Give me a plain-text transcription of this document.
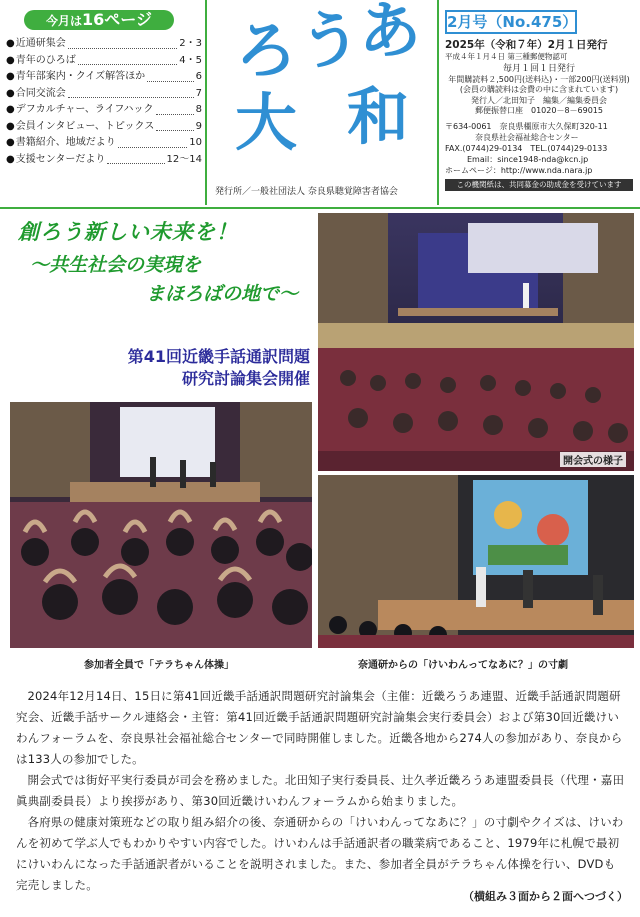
今月は16ページ
● 近通研集会	2・3
● 青年のひろば	4・5
● 青年部案内・クイズ解答ほか	6
● 合同交流会	7
● デフカルチャー、ライフハック	8
● 会員インタビュー、トピックス	9
● 書籍紹介、地域だより	10
● 支援センターだより	12～14
ろ う
あ
大 和
発行所／一般社団法人 奈良県聴覚障害者協会
2月号（No.475）
2025年（令和７年）2月１日発行
平成４年１月４日 第三種郵便物認可
毎月１回１日発行
年間購読料２,500円(送料込)・一部200円(送料別)
(会員の購読料は会費の中に含まれています)
発行人／北田知子　編集／編集委員会
郵便振替口座　01020－8－69015
〒634-0061　奈良県橿原市大久保町320-11
奈良県社会福祉総合センター
FAX.(0744)29-0134　TEL.(0744)29-0133
Email：since1948-nda@kcn.jp
ホームページ：http://www.nda.nara.jp
この機関紙は、共同募金の助成金を受けています
創ろう新しい未来を！
～共生社会の実現を
まほろばの地で～
第41回近畿手話通訳問題
研究討論集会開催
開会式の様子
参加者全員で「テラちゃん体操」	奈通研からの「けいわんってなあに？」の寸劇

2024年12月14日、15日に第41回近畿手話通訳問題研究討論集会（主催：近畿ろうあ連盟、近畿手話通訳問題研究会、近畿手話サークル連絡会・主管：第41回近畿手話通訳問題研究討論集会実行委員会）および第30回近畿けいわんフォーラムを、奈良県社会福祉総合センターで同時開催しました。近畿各地から274人の参加があり、奈良からは133人の参加でした。

開会式では街好平実行委員が司会を務めました。北田知子実行委員長、辻久孝近畿ろうあ連盟委員長（代理・嘉田眞典副委員長）より挨拶があり、第30回近畿けいわんフォーラムから始まりました。

各府県の健康対策班などの取り組み紹介の後、奈通研からの「けいわんってなあに？」の寸劇やクイズは、けいわんを初めて学ぶ人でもわかりやすい内容でした。けいわんは手話通訳者の職業病であること、1979年に札幌で最初にけいわんになった手話通訳者がいることを説明されました。また、参加者全員がテラちゃん体操を行い、DVDも完売しました。

（横組み３面から２面へつづく）
